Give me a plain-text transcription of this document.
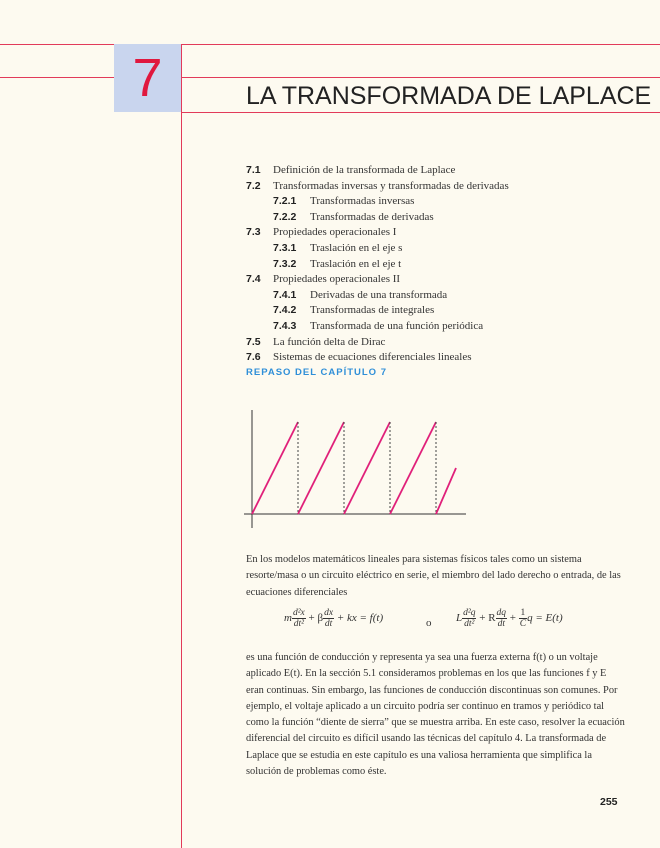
7	LA TRANSFORMADA DE LAPLACE
7.1 Definición de la transformada de Laplace
7.2 Transformadas inversas y transformadas de derivadas
7.2.1 Transformadas inversas
7.2.2 Transformadas de derivadas
7.3 Propiedades operacionales I
7.3.1 Traslación en el eje s
7.3.2 Traslación en el eje t
7.4 Propiedades operacionales II
7.4.1 Derivadas de una transformada
7.4.2 Transformadas de integrales
7.4.3 Transformada de una función periódica
7.5 La función delta de Dirac
7.6 Sistemas de ecuaciones diferenciales lineales
REPASO DEL CAPÍTULO 7
En los modelos matemáticos lineales para sistemas físicos tales como un sistema resorte/masa o un circuito eléctrico en serie, el miembro del lado derecho o entrada, de las ecuaciones diferenciales
m $\frac{\text{d²x}}{\text{dt²}} + \beta \frac{dx}{dt}$ + kx = f(t)	o L $\frac{\text{d²q}}{\text{dt²}} + R \frac{dq}{dt} + \frac{1}{C}$ q = E(t)
es una función de conducción y representa ya sea una fuerza externa f(t) o un voltaje aplicado E(t). En la sección 5.1 consideramos problemas en los que las funciones f y E eran continuas. Sin embargo, las funciones de conducción discontinuas son comunes. Por ejemplo, el voltaje aplicado a un circuito podría ser continuo en tramos y periódico tal como la función “diente de sierra” que se muestra arriba. En este caso, resolver la ecuación diferencial del circuito es difícil usando las técnicas del capítulo 4. La transformada de Laplace que se estudia en este capítulo es una valiosa herramienta que simplifica la solución de problemas como éste.
255
